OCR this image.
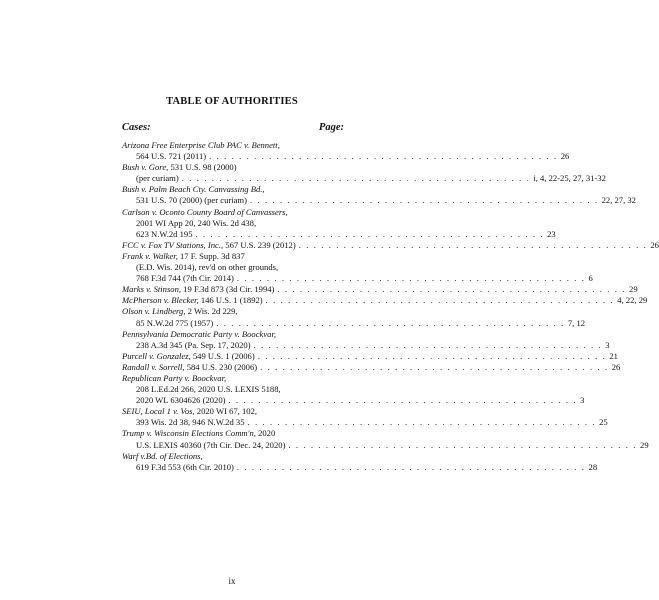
TABLE OF AUTHORITIES
Cases:	Page:
Arizona Free Enterprise Club PAC v. Bennett,
564 U.S. 721 (2011) . . . . . . . . . . . . . . . . . . . . . . . . . . . . . . . . . . . . . . . . . . . . . . . 26
Bush v. Gore, 531 U.S. 98 (2000)
(per curiam) . . . . . . . . . . . . . . . . . . . . . . . . . . . . . . . . . . . . . . . . . . . . . . . i, 4, 22-25, 27, 31-32
Bush v. Palm Beach Cty. Canvassing Bd.,
531 U.S. 70 (2000) (per curiam) . . . . . . . . . . . . . . . . . . . . . . . . . . . . . . . . . . . . . . . . . . . . . . . 22, 27, 32
Carlson v. Oconto County Board of Canvassers,
2001 WI App 20, 240 Wis. 2d 438,
623 N.W.2d 195 . . . . . . . . . . . . . . . . . . . . . . . . . . . . . . . . . . . . . . . . . . . . . . . 23
FCC v. Fox TV Stations, Inc., 567 U.S. 239 (2012) . . . . . . . . . . . . . . . . . . . . . . . . . . . . . . . . . . . . . . . . . . . . . . . 26
Frank v. Walker, 17 F. Supp. 3d 837
(E.D. Wis. 2014), rev'd on other grounds,
768 F.3d 744 (7th Cir. 2014) . . . . . . . . . . . . . . . . . . . . . . . . . . . . . . . . . . . . . . . . . . . . . . . 6
Marks v. Stinson, 19 F.3d 873 (3d Cir. 1994) . . . . . . . . . . . . . . . . . . . . . . . . . . . . . . . . . . . . . . . . . . . . . . . 29
McPherson v. Blecker, 146 U.S. 1 (1892) . . . . . . . . . . . . . . . . . . . . . . . . . . . . . . . . . . . . . . . . . . . . . . . 4, 22, 29
Olson v. Lindberg, 2 Wis. 2d 229,
85 N.W.2d 775 (1957) . . . . . . . . . . . . . . . . . . . . . . . . . . . . . . . . . . . . . . . . . . . . . . . 7, 12
Pennsylvania Democratic Party v. Boockvar,
238 A.3d 345 (Pa. Sep. 17, 2020) . . . . . . . . . . . . . . . . . . . . . . . . . . . . . . . . . . . . . . . . . . . . . . . 3
Purcell v. Gonzalez, 549 U.S. 1 (2006) . . . . . . . . . . . . . . . . . . . . . . . . . . . . . . . . . . . . . . . . . . . . . . . 21
Randall v. Sorrell, 584 U.S. 230 (2006) . . . . . . . . . . . . . . . . . . . . . . . . . . . . . . . . . . . . . . . . . . . . . . . 26
Republican Party v. Boockvar,
208 L.Ed.2d 266, 2020 U.S. LEXIS 5188,
2020 WL 6304626 (2020) . . . . . . . . . . . . . . . . . . . . . . . . . . . . . . . . . . . . . . . . . . . . . . . 3
SEIU, Local 1 v. Vos, 2020 WI 67, 102,
393 Wis. 2d 38, 946 N.W.2d 35 . . . . . . . . . . . . . . . . . . . . . . . . . . . . . . . . . . . . . . . . . . . . . . . 25
Trump v. Wisconsin Elections Comm'n, 2020
U.S. LEXIS 40360 (7th Cir. Dec. 24, 2020) . . . . . . . . . . . . . . . . . . . . . . . . . . . . . . . . . . . . . . . . . . . . . . . 29
Warf v.Bd. of Elections,
619 F.3d 553 (6th Cir. 2010) . . . . . . . . . . . . . . . . . . . . . . . . . . . . . . . . . . . . . . . . . . . . . . . 28
ix
